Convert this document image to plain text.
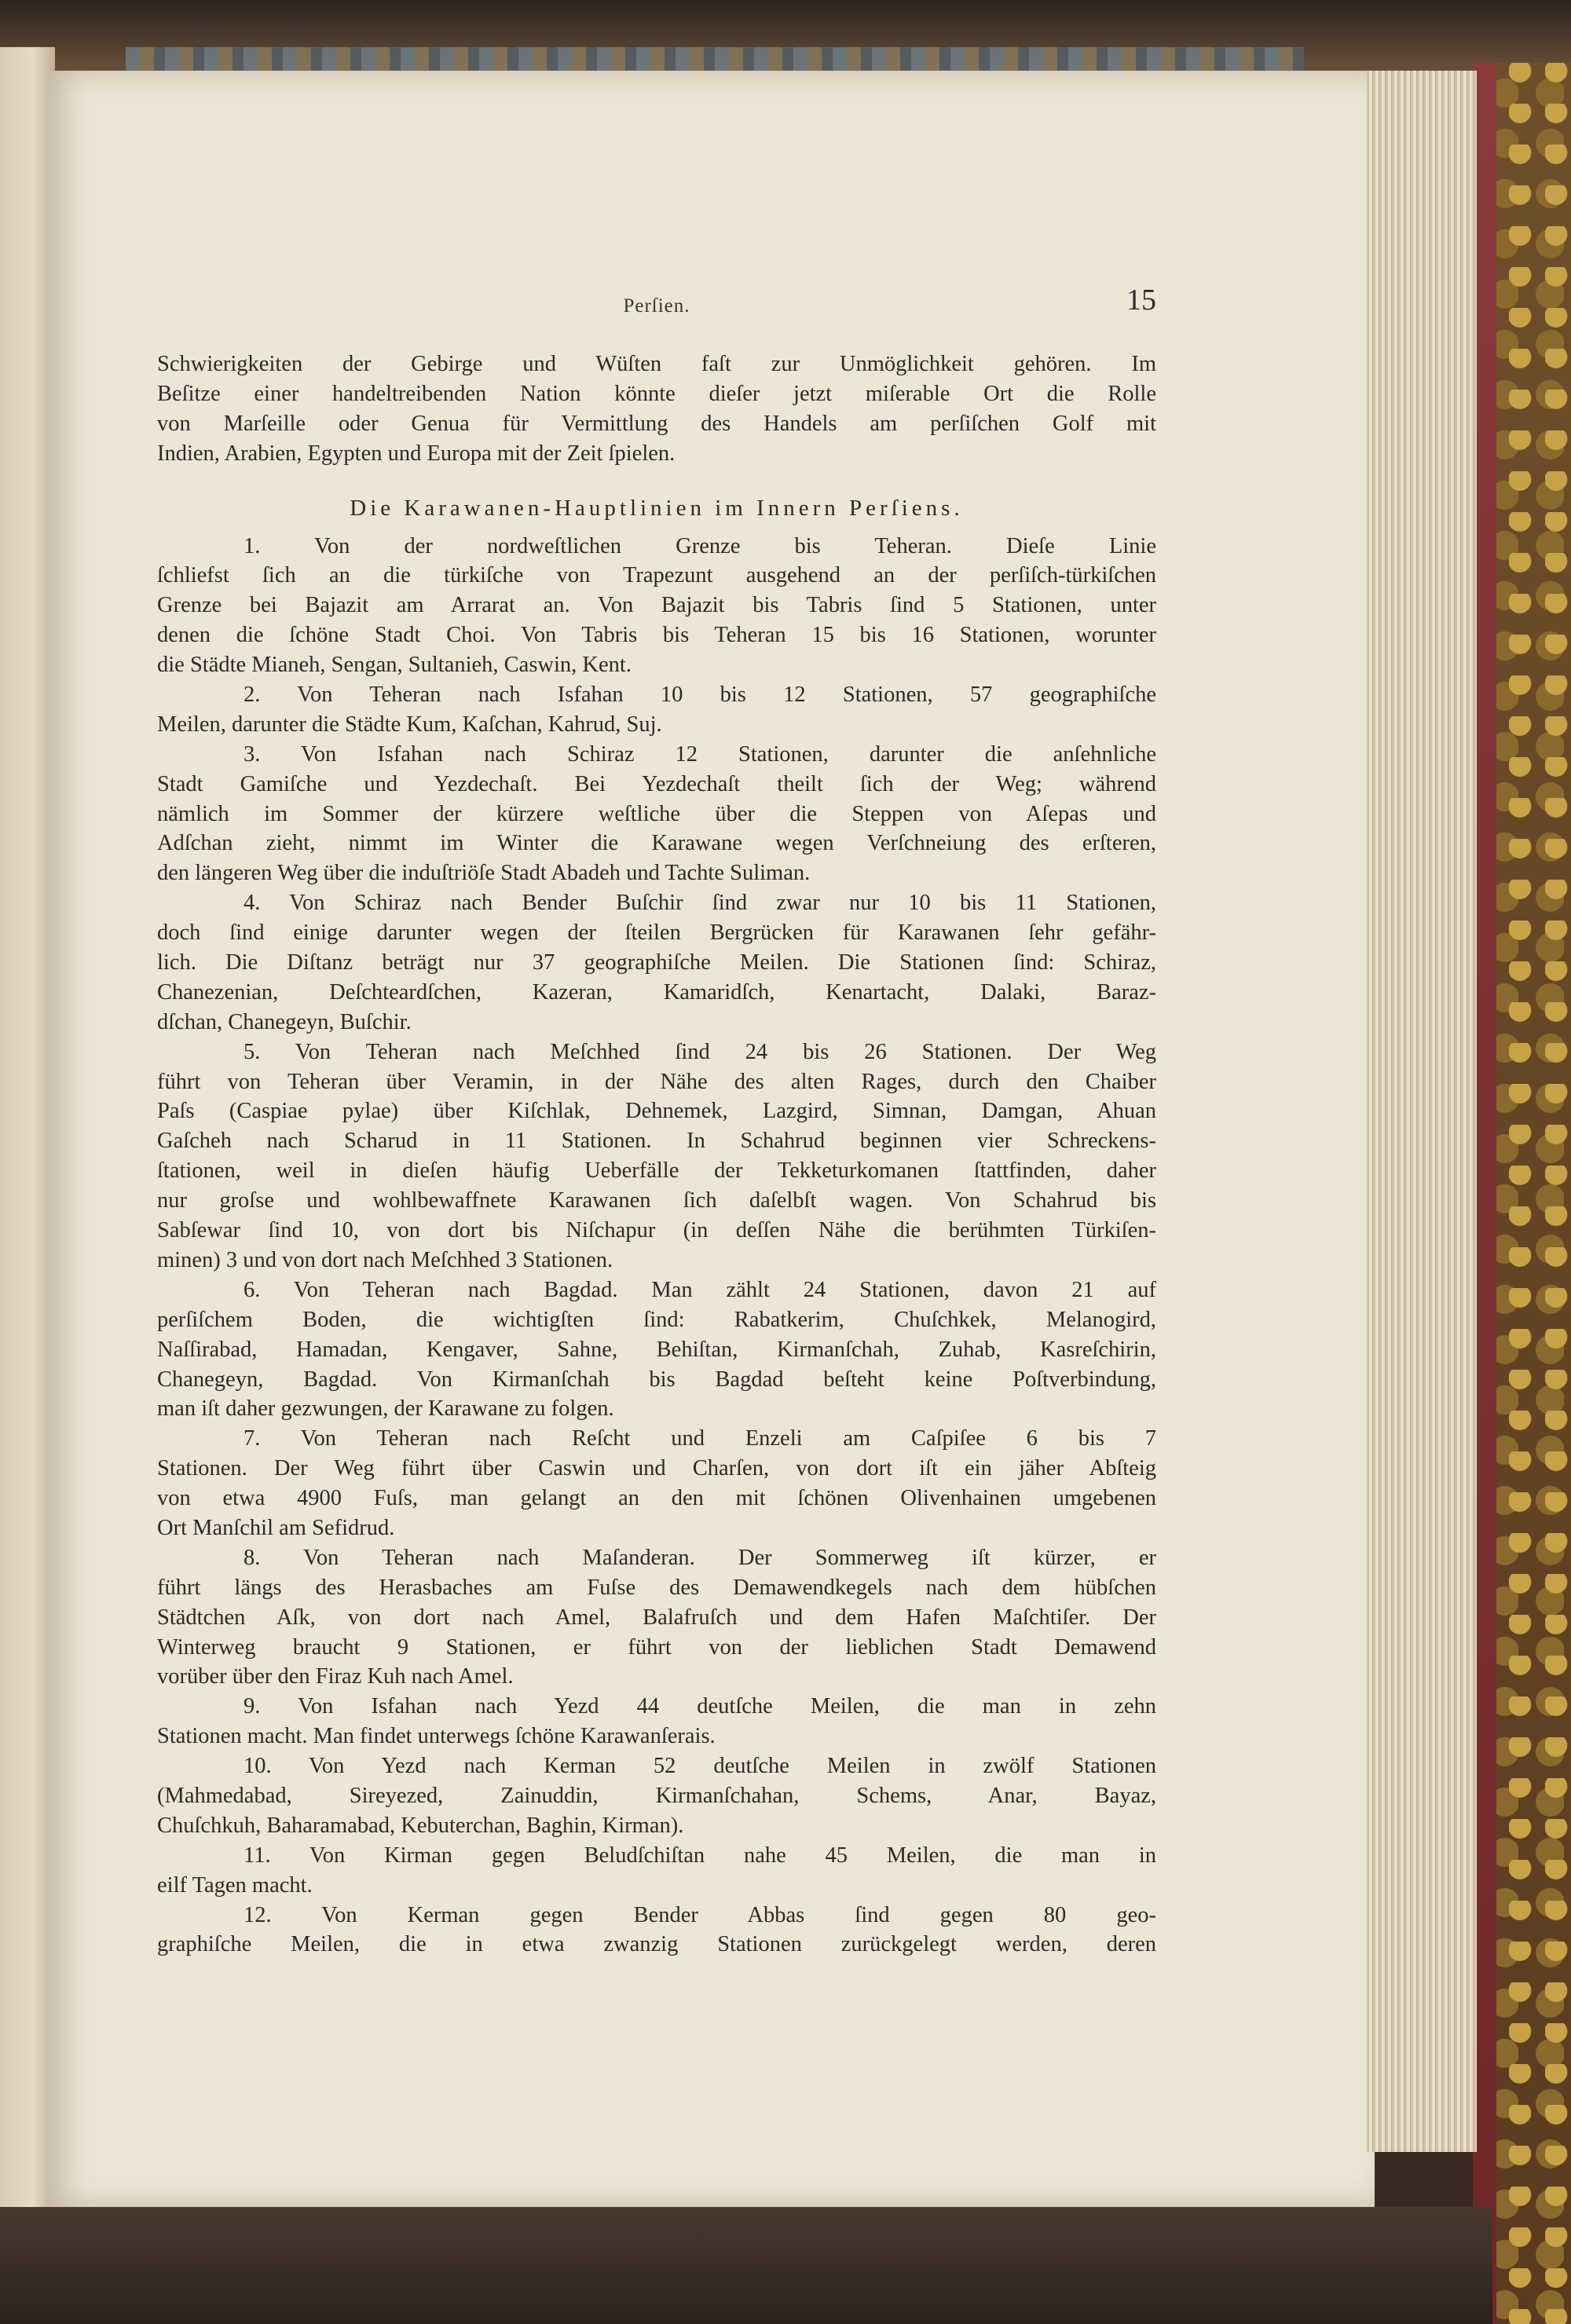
Perſien.	15
Schwierigkeiten der Gebirge und Wüſten faſt zur Unmöglichkeit gehören. Im
Beſitze einer handeltreibenden Nation könnte dieſer jetzt miſerable Ort die Rolle
von Marſeille oder Genua für Vermittlung des Handels am perſiſchen Golf mit
Indien, Arabien, Egypten und Europa mit der Zeit ſpielen.
Die Karawanen-Hauptlinien im Innern Perſiens.
1. Von der nordweſtlichen Grenze bis Teheran. Dieſe Linie
ſchliefst ſich an die türkiſche von Trapezunt ausgehend an der perſiſch-türkiſchen
Grenze bei Bajazit am Arrarat an. Von Bajazit bis Tabris ſind 5 Stationen, unter
denen die ſchöne Stadt Choi. Von Tabris bis Teheran 15 bis 16 Stationen, worunter
die Städte Mianeh, Sengan, Sultanieh, Caswin, Kent.
2. Von Teheran nach Isfahan 10 bis 12 Stationen, 57 geographiſche
Meilen, darunter die Städte Kum, Kaſchan, Kahrud, Suj.
3. Von Isfahan nach Schiraz 12 Stationen, darunter die anſehnliche
Stadt Gamiſche und Yezdechaſt. Bei Yezdechaſt theilt ſich der Weg; während
nämlich im Sommer der kürzere weſtliche über die Steppen von Aſepas und
Adſchan zieht, nimmt im Winter die Karawane wegen Verſchneiung des erſteren,
den längeren Weg über die induſtriöſe Stadt Abadeh und Tachte Suliman.
4. Von Schiraz nach Bender Buſchir ſind zwar nur 10 bis 11 Stationen,
doch ſind einige darunter wegen der ſteilen Bergrücken für Karawanen ſehr gefähr-
lich. Die Diſtanz beträgt nur 37 geographiſche Meilen. Die Stationen ſind: Schiraz,
Chanezenian, Deſchteardſchen, Kazeran, Kamaridſch, Kenartacht, Dalaki, Baraz-
dſchan, Chanegeyn, Buſchir.
5. Von Teheran nach Meſchhed ſind 24 bis 26 Stationen. Der Weg
führt von Teheran über Veramin, in der Nähe des alten Rages, durch den Chaiber
Paſs (Caspiae pylae) über Kiſchlak, Dehnemek, Lazgird, Simnan, Damgan, Ahuan
Gaſcheh nach Scharud in 11 Stationen. In Schahrud beginnen vier Schreckens-
ſtationen, weil in dieſen häufig Ueberfälle der Tekketurkomanen ſtattfinden, daher
nur groſse und wohlbewaffnete Karawanen ſich daſelbſt wagen. Von Schahrud bis
Sabſewar ſind 10, von dort bis Niſchapur (in deſſen Nähe die berühmten Türkiſen-
minen) 3 und von dort nach Meſchhed 3 Stationen.
6. Von Teheran nach Bagdad. Man zählt 24 Stationen, davon 21 auf
perſiſchem Boden, die wichtigſten ſind: Rabatkerim, Chuſchkek, Melanogird,
Naſſirabad, Hamadan, Kengaver, Sahne, Behiſtan, Kirmanſchah, Zuhab, Kasreſchirin,
Chanegeyn, Bagdad. Von Kirmanſchah bis Bagdad beſteht keine Poſtverbindung,
man iſt daher gezwungen, der Karawane zu folgen.
7. Von Teheran nach Reſcht und Enzeli am Caſpiſee 6 bis 7
Stationen. Der Weg führt über Caswin und Charſen, von dort iſt ein jäher Abſteig
von etwa 4900 Fuſs, man gelangt an den mit ſchönen Olivenhainen umgebenen
Ort Manſchil am Sefidrud.
8. Von Teheran nach Maſanderan. Der Sommerweg iſt kürzer, er
führt längs des Herasbaches am Fuſse des Demawendkegels nach dem hübſchen
Städtchen Aſk, von dort nach Amel, Balafruſch und dem Hafen Maſchtiſer. Der
Winterweg braucht 9 Stationen, er führt von der lieblichen Stadt Demawend
vorüber über den Firaz Kuh nach Amel.
9. Von Isfahan nach Yezd 44 deutſche Meilen, die man in zehn
Stationen macht. Man findet unterwegs ſchöne Karawanſerais.
10. Von Yezd nach Kerman 52 deutſche Meilen in zwölf Stationen
(Mahmedabad, Sireyezed, Zainuddin, Kirmanſchahan, Schems, Anar, Bayaz,
Chuſchkuh, Baharamabad, Kebuterchan, Baghin, Kirman).
11. Von Kirman gegen Beludſchiſtan nahe 45 Meilen, die man in
eilf Tagen macht.
12. Von Kerman gegen Bender Abbas ſind gegen 80 geo-
graphiſche Meilen, die in etwa zwanzig Stationen zurückgelegt werden, deren
